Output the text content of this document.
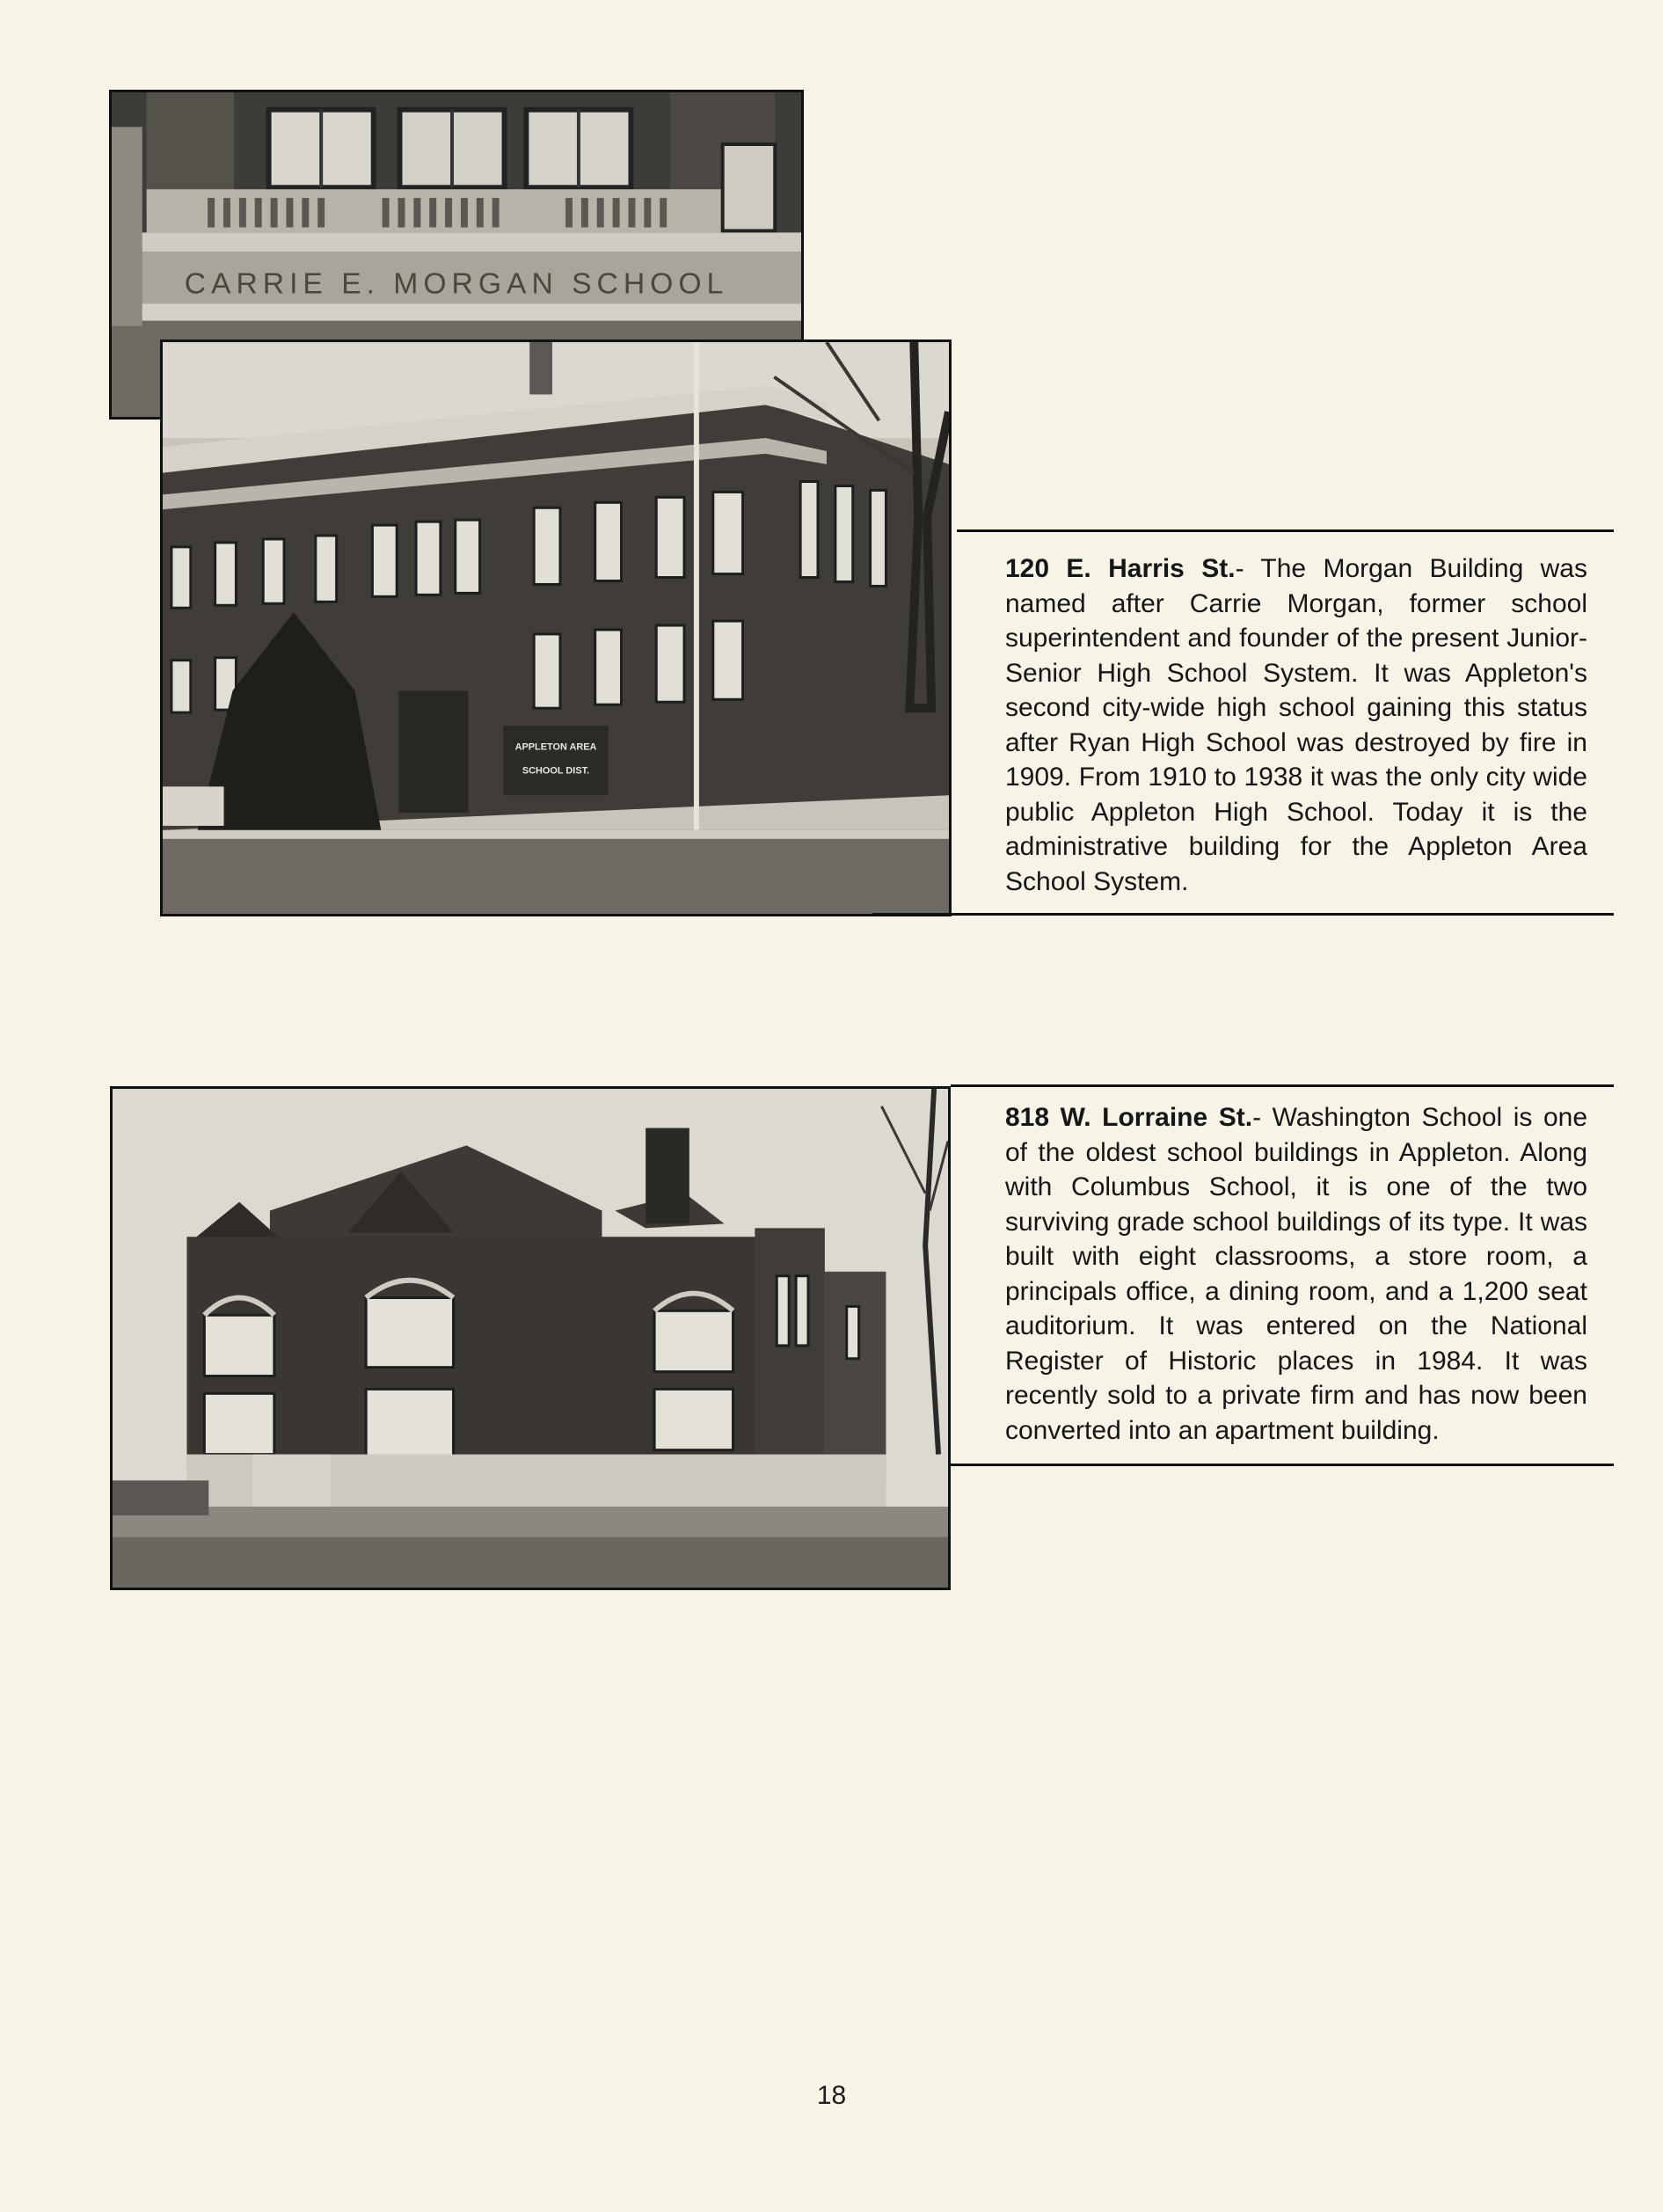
CARRIE E. MORGAN SCHOOL
APPLETON AREA
SCHOOL DIST.
120 E. Harris St.- The Morgan Building was named after Carrie Morgan, former school superintendent and founder of the present Junior-Senior High School System. It was Appleton's second city-wide high school gaining this status after Ryan High School was destroyed by fire in 1909. From 1910 to 1938 it was the only city wide public Appleton High School. Today it is the administrative building for the Appleton Area School System.
818 W. Lorraine St.- Washington School is one of the oldest school buildings in Appleton. Along with Columbus School, it is one of the two surviving grade school buildings of its type. It was built with eight classrooms, a store room, a principals office, a dining room, and a 1,200 seat auditorium. It was entered on the National Register of Historic places in 1984. It was recently sold to a private firm and has now been converted into an apartment building.
18
